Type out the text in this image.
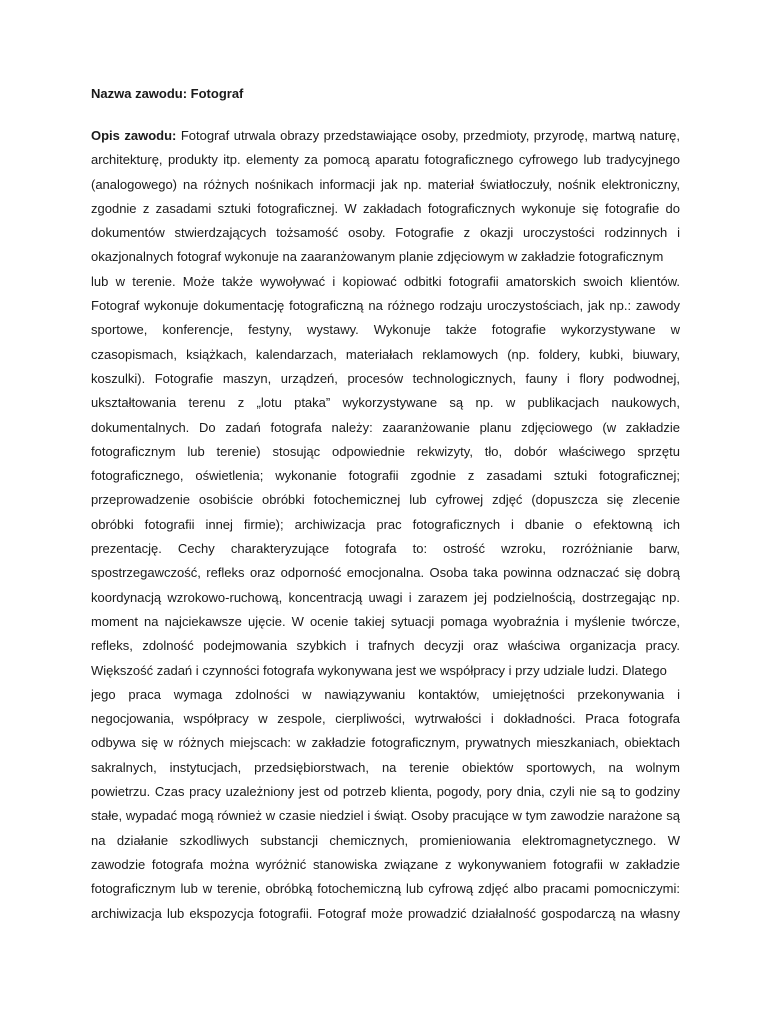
Nazwa zawodu: Fotograf
Opis zawodu: Fotograf utrwala obrazy przedstawiające osoby, przedmioty, przyrodę, martwą naturę,
architekturę, produkty itp. elementy za pomocą aparatu fotograficznego cyfrowego lub tradycyjnego
(analogowego) na różnych nośnikach informacji jak np. materiał światłoczuły, nośnik elektroniczny,
zgodnie z zasadami sztuki fotograficznej. W zakładach fotograficznych wykonuje się fotografie do
dokumentów stwierdzających tożsamość osoby. Fotografie z okazji uroczystości rodzinnych i
okazjonalnych fotograf wykonuje na zaaranżowanym planie zdjęciowym w zakładzie fotograficznym
lub w terenie. Może także wywoływać i kopiować odbitki fotografii amatorskich swoich klientów.
Fotograf wykonuje dokumentację fotograficzną na różnego rodzaju uroczystościach, jak np.: zawody
sportowe, konferencje, festyny, wystawy. Wykonuje także fotografie wykorzystywane w
czasopismach, książkach, kalendarzach, materiałach reklamowych (np. foldery, kubki, biuwary,
koszulki). Fotografie maszyn, urządzeń, procesów technologicznych, fauny i flory podwodnej,
ukształtowania terenu z „lotu ptaka” wykorzystywane są np. w publikacjach naukowych,
dokumentalnych. Do zadań fotografa należy: zaaranżowanie planu zdjęciowego (w zakładzie
fotograficznym lub terenie) stosując odpowiednie rekwizyty, tło, dobór właściwego sprzętu
fotograficznego, oświetlenia; wykonanie fotografii zgodnie z zasadami sztuki fotograficznej;
przeprowadzenie osobiście obróbki fotochemicznej lub cyfrowej zdjęć (dopuszcza się zlecenie
obróbki fotografii innej firmie); archiwizacja prac fotograficznych i dbanie o efektowną ich
prezentację. Cechy charakteryzujące fotografa to: ostrość wzroku, rozróżnianie barw,
spostrzegawczość, refleks oraz odporność emocjonalna. Osoba taka powinna odznaczać się dobrą
koordynacją wzrokowo-ruchową, koncentracją uwagi i zarazem jej podzielnością, dostrzegając np.
moment na najciekawsze ujęcie. W ocenie takiej sytuacji pomaga wyobraźnia i myślenie twórcze,
refleks, zdolność podejmowania szybkich i trafnych decyzji oraz właściwa organizacja pracy.
Większość zadań i czynności fotografa wykonywana jest we współpracy i przy udziale ludzi. Dlatego
jego praca wymaga zdolności w nawiązywaniu kontaktów, umiejętności przekonywania i
negocjowania, współpracy w zespole, cierpliwości, wytrwałości i dokładności. Praca fotografa
odbywa się w różnych miejscach: w zakładzie fotograficznym, prywatnych mieszkaniach, obiektach
sakralnych, instytucjach, przedsiębiorstwach, na terenie obiektów sportowych, na wolnym
powietrzu. Czas pracy uzależniony jest od potrzeb klienta, pogody, pory dnia, czyli nie są to godziny
stałe, wypadać mogą również w czasie niedziel i świąt. Osoby pracujące w tym zawodzie narażone są
na działanie szkodliwych substancji chemicznych, promieniowania elektromagnetycznego. W
zawodzie fotografa można wyróżnić stanowiska związane z wykonywaniem fotografii w zakładzie
fotograficznym lub w terenie, obróbką fotochemiczną lub cyfrową zdjęć albo pracami pomocniczymi:
archiwizacja lub ekspozycja fotografii. Fotograf może prowadzić działalność gospodarczą na własny
